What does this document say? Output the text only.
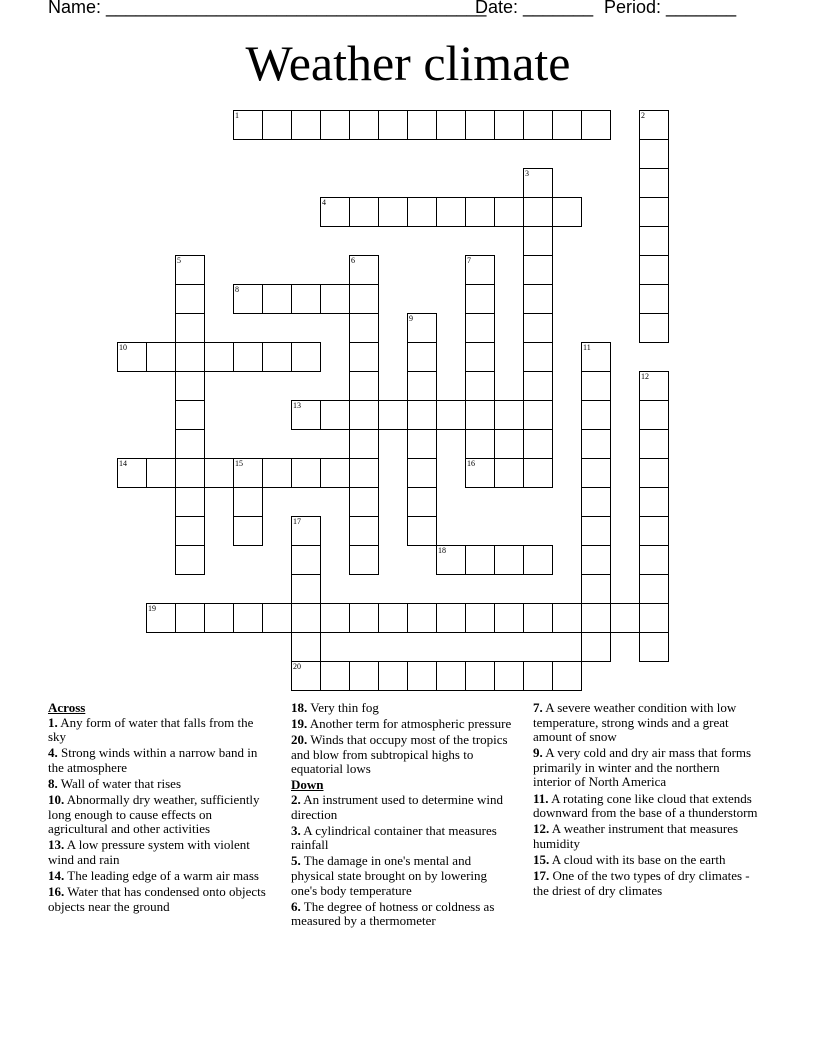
Name: ______________________________________
Date: _______ Period: _______
Weather climate
1
4
8
10
13
14	15	16
18
19
20
2
3
5	6	7
9
11
12
17
Across
1. Any form of water that falls from the sky
4. Strong winds within a narrow band in the atmosphere
8. Wall of water that rises
10. Abnormally dry weather, sufficiently long enough to cause effects on agricultural and other activities
13. A low pressure system with violent wind and rain
14. The leading edge of a warm air mass
16. Water that has condensed onto objects objects near the ground
18. Very thin fog
19. Another term for atmospheric pressure
20. Winds that occupy most of the tropics and blow from subtropical highs to equatorial lows
Down
2. An instrument used to determine wind direction
3. A cylindrical container that measures rainfall
5. The damage in one's mental and physical state brought on by lowering one's body temperature
6. The degree of hotness or coldness as measured by a thermometer
7. A severe weather condition with low temperature, strong winds and a great amount of snow
9. A very cold and dry air mass that forms primarily in winter and the northern interior of North America
11. A rotating cone like cloud that extends downward from the base of a thunderstorm
12. A weather instrument that measures humidity
15. A cloud with its base on the earth
17. One of the two types of dry climates - the driest of dry climates
